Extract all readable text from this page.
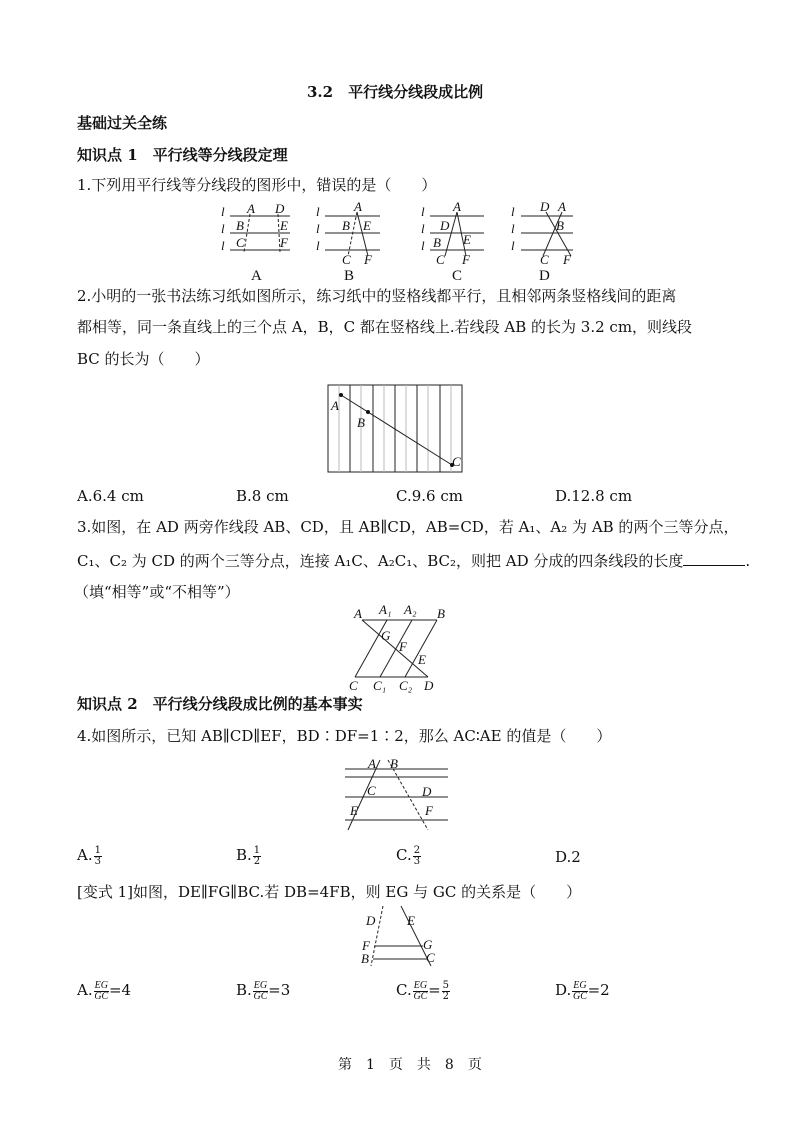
3.2　平行线分线段成比例
基础过关全练
知识点 1　平行线等分线段定理
1.下列用平行线等分线段的图形中，错误的是（　　）
2.小明的一张书法练习纸如图所示，练习纸中的竖格线都平行，且相邻两条竖格线间的距离
都相等，同一条直线上的三个点 A，B，C 都在竖格线上.若线段 AB 的长为 3.2 cm，则线段
BC 的长为（　　）
A.6.4 cm	B.8 cm	C.9.6 cm	D.12.8 cm
3.如图，在 AD 两旁作线段 AB、CD，且 AB∥CD，AB=CD，若 A₁、A₂ 为 AB 的两个三等分点，
C₁、C₂ 为 CD 的两个三等分点，连接 A₁C、A₂C₁、BC₂，则把 AD 分成的四条线段的长度	.
（填“相等”或“不相等”）
知识点 2　平行线分线段成比例的基本事实
4.如图所示，已知 AB∥CD∥EF，BD∶DF=1∶2，那么 AC∶AE 的值是（　　）
A. $\frac{1}{3}$	B. $\frac{1}{2}$	C. $\frac{2}{3}$	D.2
[变式 1]如图，DE∥FG∥BC.若 DB=4FB，则 EG 与 GC 的关系是（　　）
A. $\frac{EG}{GC} =4$	B. $\frac{EG}{GC} =3$	C. $\frac{EG}{GC} = \frac{5}{2}$	D. $\frac{EG}{GC} =2$
第　1　页　共　8　页
l
l
l
A D
B	E
C	F
A
l
l
l
A
B E
C F
B
l
l
l
A
D
B E
C F
C
l
l
l
D A
B
C F
D
A
B
C
A A₁ A₂ B
G
F
E
C C₁ C₂ D
A B
C	D
E	F
D E
F	G
B	C
